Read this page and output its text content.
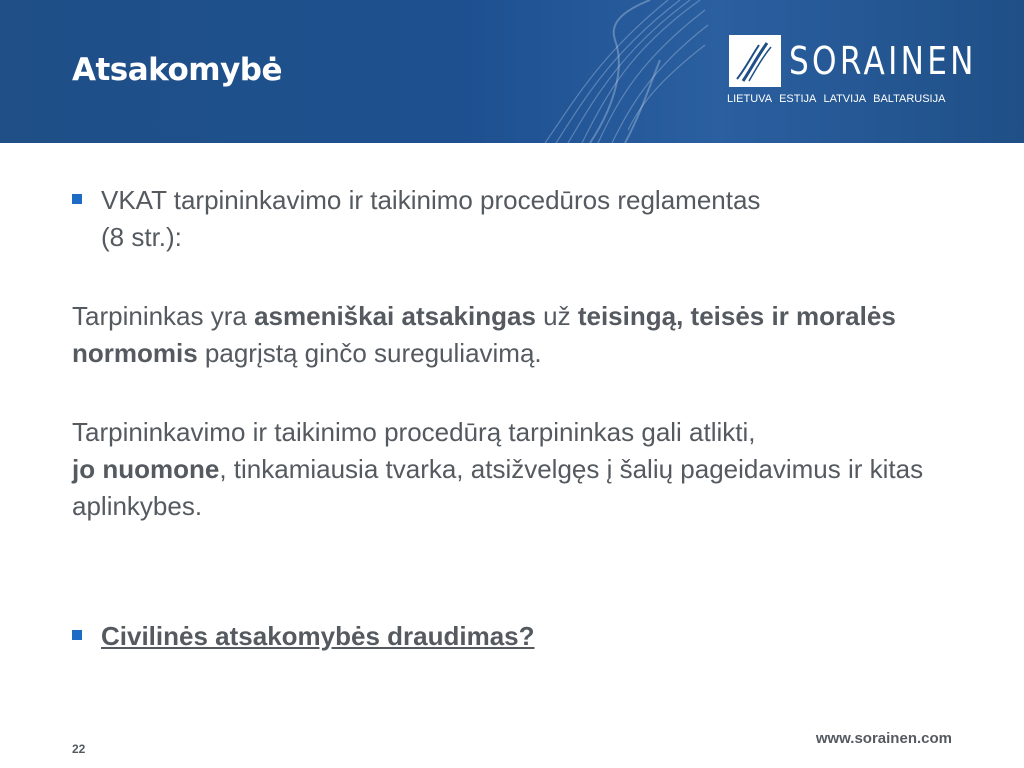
Atsakomybė	SORAINEN
LIETUVA ESTIJA LATVIJA BALTARUSIJA
VKAT tarpininkavimo ir taikinimo procedūros reglamentas
(8 str.):

Tarpininkas yra asmeniškai atsakingas už teisingą, teisės ir moralės normomis pagrįstą ginčo sureguliavimą.

Tarpininkavimo ir taikinimo procedūrą tarpininkas gali atlikti,
jo nuomone, tinkamiausia tvarka, atsižvelgęs į šalių pageidavimus ir kitas aplinkybes.

Civilinės atsakomybės draudimas?
22
www.sorainen.com
